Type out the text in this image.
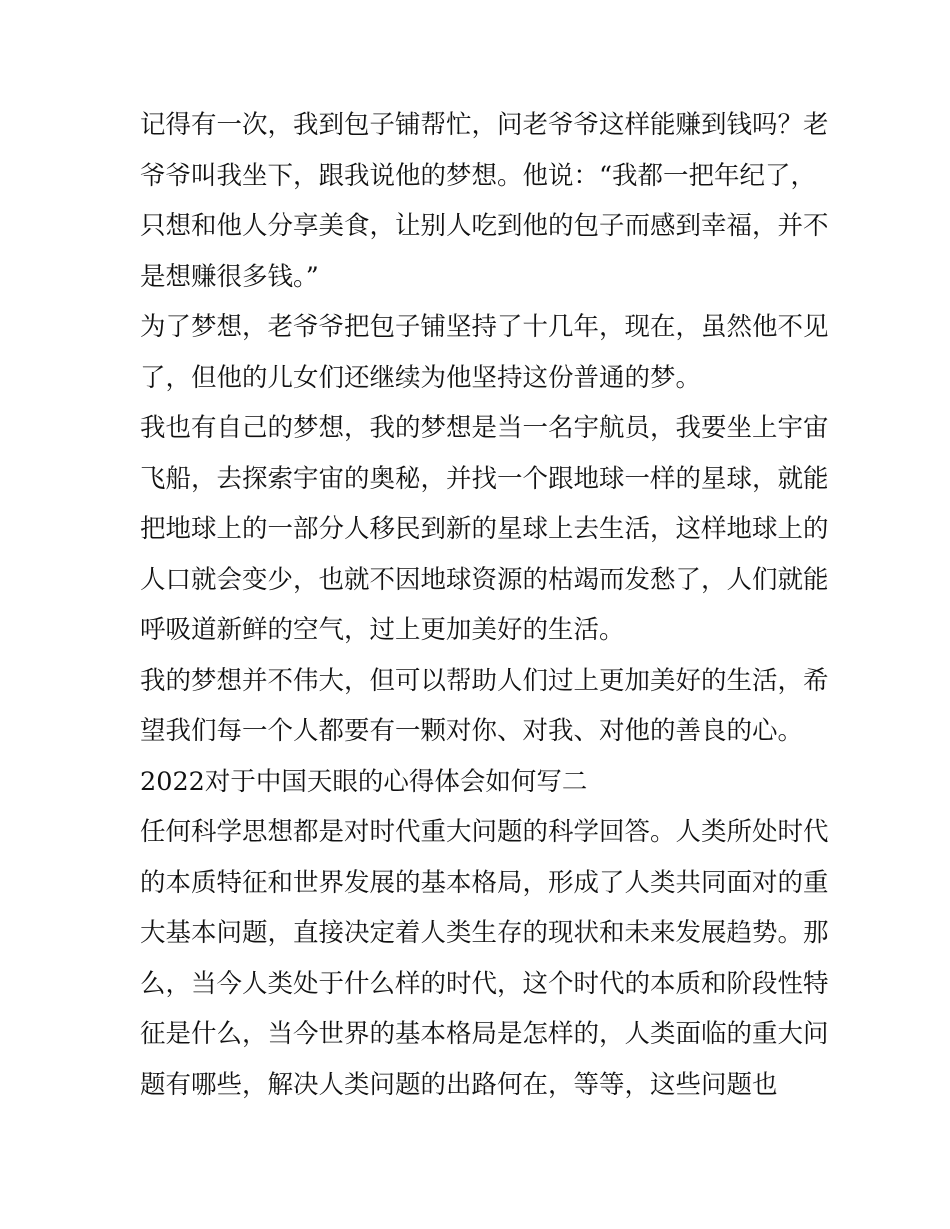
记得有一次，我到包子铺帮忙，问老爷爷这样能赚到钱吗？老
爷爷叫我坐下，跟我说他的梦想。他说：“我都一把年纪了，
只想和他人分享美食，让别人吃到他的包子而感到幸福，并不
是想赚很多钱。”
为了梦想，老爷爷把包子铺坚持了十几年，现在，虽然他不见
了，但他的儿女们还继续为他坚持这份普通的梦。
我也有自己的梦想，我的梦想是当一名宇航员，我要坐上宇宙
飞船，去探索宇宙的奥秘，并找一个跟地球一样的星球，就能
把地球上的一部分人移民到新的星球上去生活，这样地球上的
人口就会变少，也就不因地球资源的枯竭而发愁了，人们就能
呼吸道新鲜的空气，过上更加美好的生活。
我的梦想并不伟大，但可以帮助人们过上更加美好的生活，希
望我们每一个人都要有一颗对你、对我、对他的善良的心。
2022对于中国天眼的心得体会如何写二
任何科学思想都是对时代重大问题的科学回答。人类所处时代
的本质特征和世界发展的基本格局，形成了人类共同面对的重
大基本问题，直接决定着人类生存的现状和未来发展趋势。那
么，当今人类处于什么样的时代，这个时代的本质和阶段性特
征是什么，当今世界的基本格局是怎样的，人类面临的重大问
题有哪些，解决人类问题的出路何在，等等，这些问题也
